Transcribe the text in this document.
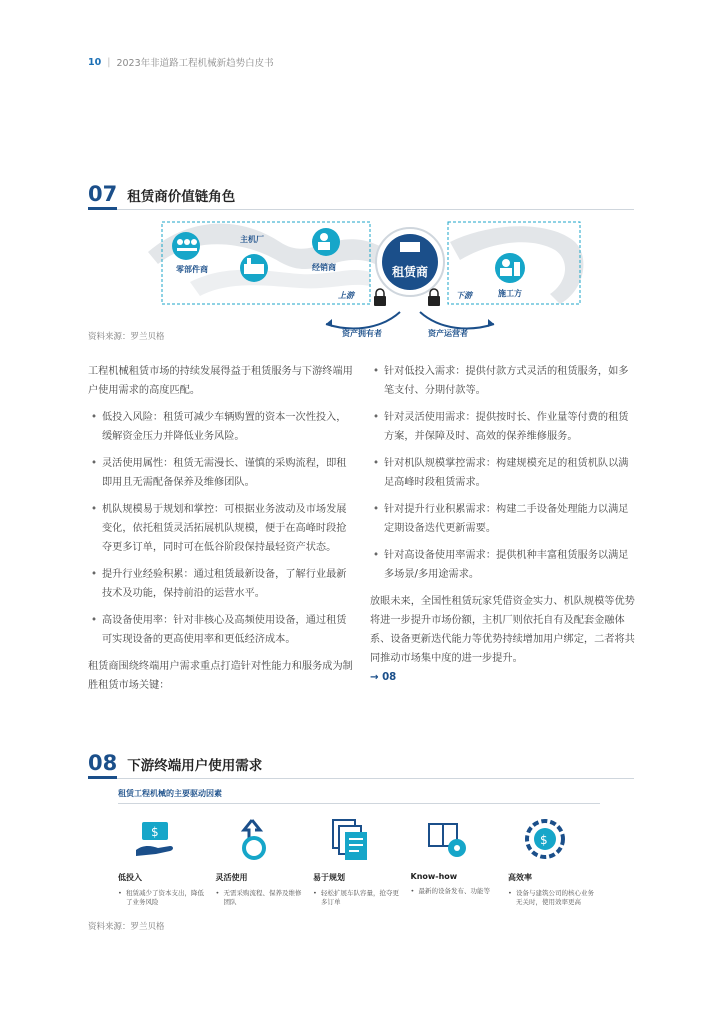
10 | 2023年非道路工程机械新趋势白皮书
07 租赁商价值链角色
零部件商
主机厂
经销商	租赁商
施工方
上游	下游
资产拥有者	资产运营者
资料来源：罗兰贝格

工程机械租赁市场的持续发展得益于租赁服务与下游终端用户使用需求的高度匹配。

• 低投入风险：租赁可减少车辆购置的资本一次性投入，缓解资金压力并降低业务风险。
• 灵活使用属性：租赁无需漫长、谨慎的采购流程，即租即用且无需配备保养及维修团队。
• 机队规模易于规划和掌控：可根据业务波动及市场发展变化，依托租赁灵活拓展机队规模，便于在高峰时段抢夺更多订单，同时可在低谷阶段保持最轻资产状态。
• 提升行业经验积累：通过租赁最新设备，了解行业最新技术及功能，保持前沿的运营水平。
• 高设备使用率：针对非核心及高频使用设备，通过租赁可实现设备的更高使用率和更低经济成本。

租赁商围绕终端用户需求重点打造针对性能力和服务成为制胜租赁市场关键：

• 针对低投入需求：提供付款方式灵活的租赁服务，如多笔支付、分期付款等。
• 针对灵活使用需求：提供按时长、作业量等付费的租赁方案，并保障及时、高效的保养维修服务。
• 针对机队规模掌控需求：构建规模充足的租赁机队以满足高峰时段租赁需求。
• 针对提升行业积累需求：构建二手设备处理能力以满足定期设备迭代更新需要。
• 针对高设备使用率需求：提供机种丰富租赁服务以满足多场景/多用途需求。

放眼未来，全国性租赁玩家凭借资金实力、机队规模等优势将进一步提升市场份额，主机厂则依托自有及配套金融体系、设备更新迭代能力等优势持续增加用户绑定，二者将共同推动市场集中度的进一步提升。

→ 08
08 下游终端用户使用需求
租赁工程机械的主要驱动因素
$
低投入
• 租赁减少了资本支出，降低了业务风险
灵活使用
• 无需采购流程、保养及维修团队
易于规划
• 轻松扩展车队容量，抢夺更多订单
Know-how
• 最新的设备发布、功能等
$
高效率
• 设备与建筑公司的核心业务无关时，使用效率更高
资料来源：罗兰贝格
